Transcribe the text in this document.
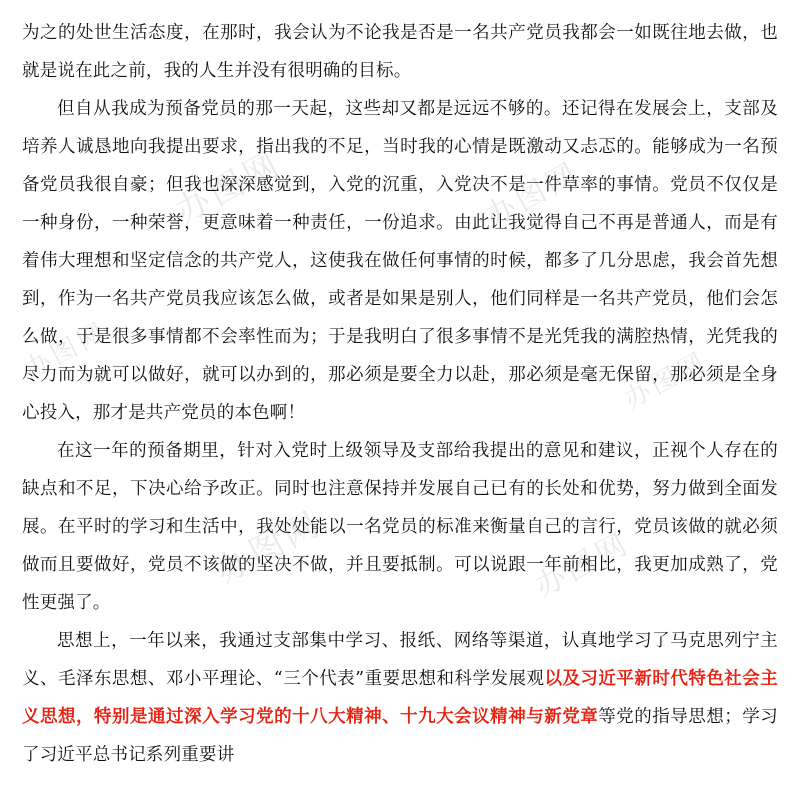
办图网	办图网
办图网	办图网
办图网	办图网

为之的处世生活态度，在那时，我会认为不论我是否是一名共产党员我都会一如既往地去做，也就是说在此之前，我的人生并没有很明确的目标。

但自从我成为预备党员的那一天起，这些却又都是远远不够的。还记得在发展会上，支部及培养人诚恳地向我提出要求，指出我的不足，当时我的心情是既激动又忐忑的。能够成为一名预备党员我很自豪；但我也深深感觉到，入党的沉重，入党决不是一件草率的事情。党员不仅仅是一种身份，一种荣誉，更意味着一种责任，一份追求。由此让我觉得自己不再是普通人，而是有着伟大理想和坚定信念的共产党人，这使我在做任何事情的时候，都多了几分思虑，我会首先想到，作为一名共产党员我应该怎么做，或者是如果是别人，他们同样是一名共产党员，他们会怎么做，于是很多事情都不会率性而为；于是我明白了很多事情不是光凭我的满腔热情，光凭我的尽力而为就可以做好，就可以办到的，那必须是要全力以赴，那必须是毫无保留，那必须是全身心投入，那才是共产党员的本色啊！

在这一年的预备期里，针对入党时上级领导及支部给我提出的意见和建议，正视个人存在的缺点和不足，下决心给予改正。同时也注意保持并发展自己已有的长处和优势，努力做到全面发展。在平时的学习和生活中，我处处能以一名党员的标准来衡量自己的言行，党员该做的就必须做而且要做好，党员不该做的坚决不做，并且要抵制。可以说跟一年前相比，我更加成熟了，党性更强了。

思想上，一年以来，我通过支部集中学习、报纸、网络等渠道，认真地学习了马克思列宁主义、毛泽东思想、邓小平理论、“三个代表”重要思想和科学发展观以及习近平新时代特色社会主义思想，特别是通过深入学习党的十八大精神、十九大会议精神与新党章等党的指导思想；学习了习近平总书记系列重要讲
